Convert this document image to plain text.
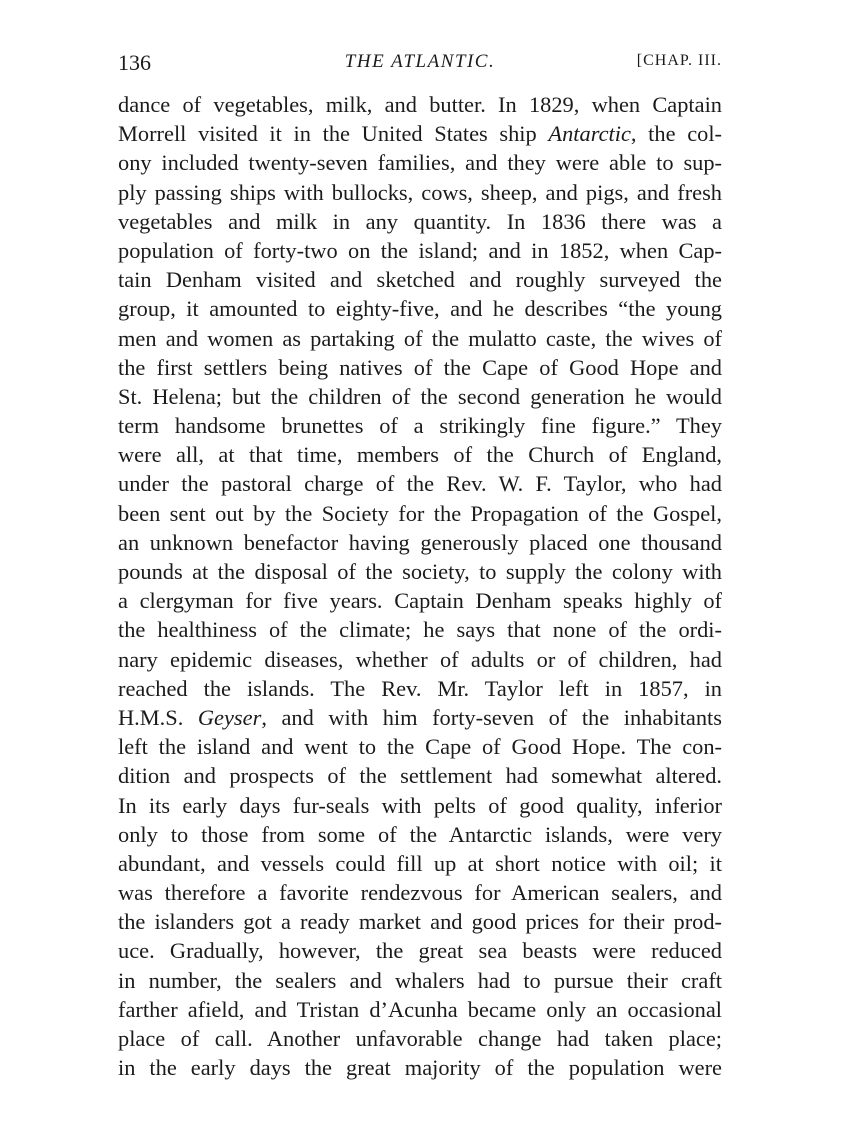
136	THE ATLANTIC.	[CHAP. III.
dance of vegetables, milk, and butter. In 1829, when Captain
Morrell visited it in the United States ship Antarctic, the col-
ony included twenty-seven families, and they were able to sup-
ply passing ships with bullocks, cows, sheep, and pigs, and fresh
vegetables and milk in any quantity. In 1836 there was a
population of forty-two on the island; and in 1852, when Cap-
tain Denham visited and sketched and roughly surveyed the
group, it amounted to eighty-five, and he describes “the young
men and women as partaking of the mulatto caste, the wives of
the first settlers being natives of the Cape of Good Hope and
St. Helena; but the children of the second generation he would
term handsome brunettes of a strikingly fine figure.” They
were all, at that time, members of the Church of England,
under the pastoral charge of the Rev. W. F. Taylor, who had
been sent out by the Society for the Propagation of the Gospel,
an unknown benefactor having generously placed one thousand
pounds at the disposal of the society, to supply the colony with
a clergyman for five years. Captain Denham speaks highly of
the healthiness of the climate; he says that none of the ordi-
nary epidemic diseases, whether of adults or of children, had
reached the islands. The Rev. Mr. Taylor left in 1857, in
H.M.S. Geyser, and with him forty-seven of the inhabitants
left the island and went to the Cape of Good Hope. The con-
dition and prospects of the settlement had somewhat altered.
In its early days fur-seals with pelts of good quality, inferior
only to those from some of the Antarctic islands, were very
abundant, and vessels could fill up at short notice with oil; it
was therefore a favorite rendezvous for American sealers, and
the islanders got a ready market and good prices for their prod-
uce. Gradually, however, the great sea beasts were reduced
in number, the sealers and whalers had to pursue their craft
farther afield, and Tristan d’Acunha became only an occasional
place of call. Another unfavorable change had taken place;
in the early days the great majority of the population were
